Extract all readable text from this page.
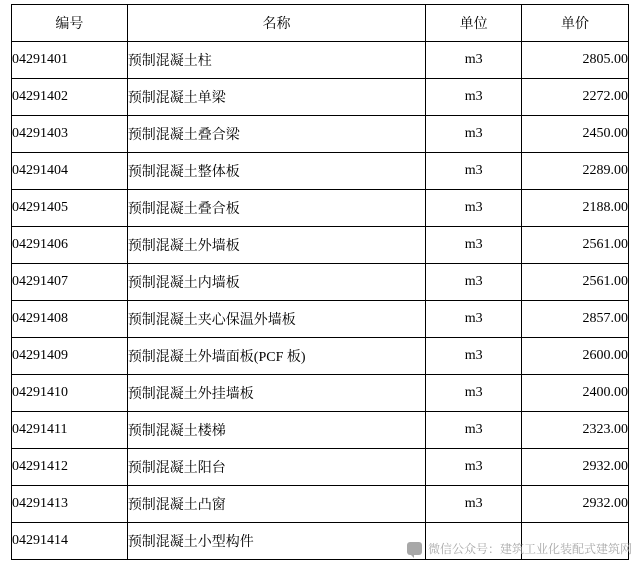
编号	名称	单位	单价
04291401	预制混凝土柱	m3	2805.00
04291402	预制混凝土单梁	m3	2272.00
04291403	预制混凝土叠合梁	m3	2450.00
04291404	预制混凝土整体板	m3	2289.00
04291405	预制混凝土叠合板	m3	2188.00
04291406	预制混凝土外墙板	m3	2561.00
04291407	预制混凝土内墙板	m3	2561.00
04291408	预制混凝土夹心保温外墙板	m3	2857.00
04291409	预制混凝土外墙面板(PCF 板)	m3	2600.00
04291410	预制混凝土外挂墙板	m3	2400.00
04291411	预制混凝土楼梯	m3	2323.00
04291412	预制混凝土阳台	m3	2932.00
04291413	预制混凝土凸窗	m3	2932.00
04291414	预制混凝土小型构件			微信公众号：建筑工业化装配式建筑网
